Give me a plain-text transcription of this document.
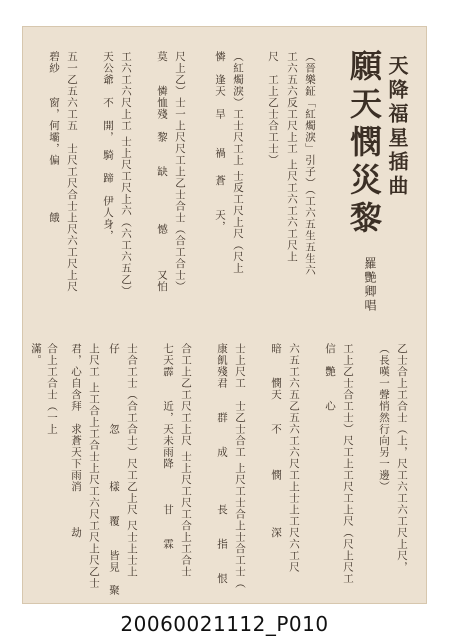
天降福星插曲
願天憫災黎
羅艷卿唱
（晉樂鉦「紅燭淚」引子）（工六五生五生六
工六五六反工尺上工 上尺工六工六工尺上
尺　工上乙士合工士）
（紅燭淚）工士尺工上 士反工尺上尺（尺上
憐　逢天　旱 　　禍 　蒼　　天，
尺上乙）士一上尺尺工上乙士合士（合工合士）
莫　　憐恤殘　黎　　缺　　　　憾　　　又怕
工六工六尺上工 士上尺工尺上六（六工六五乙）
天公爺　不　開，　騎　蹄　伊人身，
五一乙五六工五　士尺工尺合士上尺六工尺上尺
碧紗　　窗，何壩，偏　　　　餓
乙士合上工合士（上，尺工六工六工尺上尺，
（長嘆一聲悄然行向另一邊）
工上乙士合工士）尺工上工尺工上尺（尺上尺工
信　艷　　心
六五工六五乙五六工六尺工上士上工尺六工尺
暗　　憫天　　不　　　憫　　　　深
士上尺工　士乙士合工 上尺工士合上士合工士（
康飢殘君　　群　　成　　　　長　　指　　恨
合工上乙工尺工上尺 士上尺工尺工合上工合士
七天霹　　近，天未雨降　　　甘　　霖
士合工士（合工合士）尺工乙上尺 尺士上士上
仔　　　　　　忽　　　　樣　　覆　　皆見　聚
上尺工 上工合上工合士上尺工六尺工尺上尺乙士
君，心自含拜　求蒼天下雨消　　　劫
合上工合士（一上
滿。
20060021112_P010
